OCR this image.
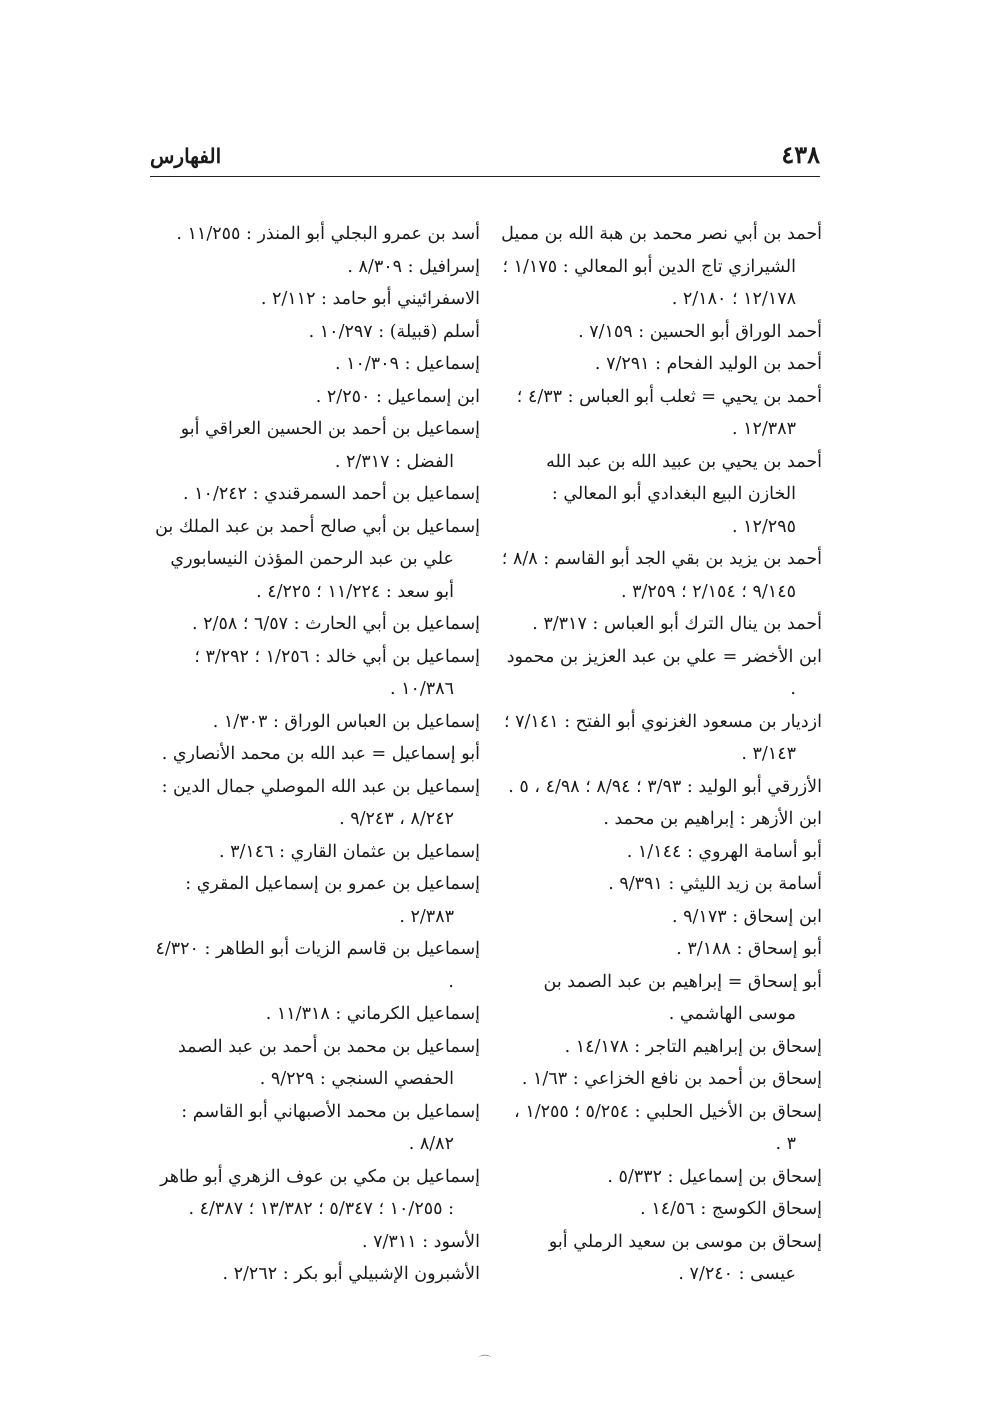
٤٣٨
الفهارس

أحمد بن أبي نصر محمد بن هبة الله بن مميل الشيرازي تاج الدين أبو المعالي : ١/١٧٥ ؛ ١٢/١٧٨ ؛ ٢/١٨٠ .

أحمد الوراق أبو الحسين : ٧/١٥٩ .

أحمد بن الوليد الفحام : ٧/٢٩١ .

أحمد بن يحيي = ثعلب أبو العباس : ٤/٣٣ ؛ ١٢/٣٨٣ .

أحمد بن يحيي بن عبيد الله بن عبد الله الخازن البيع البغدادي أبو المعالي : ١٢/٢٩٥ .

أحمد بن يزيد بن بقي الجد أبو القاسم : ٨/٨ ؛ ٩/١٤٥ ؛ ٢/١٥٤ ؛ ٣/٢٥٩ .

أحمد بن ينال الترك أبو العباس : ٣/٣١٧ .

ابن الأخضر = علي بن عبد العزيز بن محمود .

ازديار بن مسعود الغزنوي أبو الفتح : ٧/١٤١ ؛ ٣/١٤٣ .

الأزرقي أبو الوليد : ٣/٩٣ ؛ ٨/٩٤ ؛ ٤/٩٨ ، ٥ .

ابن الأزهر : إبراهيم بن محمد .

أبو أسامة الهروي : ١/١٤٤ .

أسامة بن زيد الليثي : ٩/٣٩١ .

ابن إسحاق : ٩/١٧٣ .

أبو إسحاق : ٣/١٨٨ .

أبو إسحاق = إبراهيم بن عبد الصمد بن موسى الهاشمي .

إسحاق بن إبراهيم التاجر : ١٤/١٧٨ .

إسحاق بن أحمد بن نافع الخزاعي : ١/٦٣ .

إسحاق بن الأخيل الحلبي : ٥/٢٥٤ ؛ ١/٢٥٥ ، ٣ .

إسحاق بن إسماعيل : ٥/٣٣٢ .

إسحاق الكوسج : ١٤/٥٦ .

إسحاق بن موسى بن سعيد الرملي أبو عيسى : ٧/٢٤٠ .

أسد بن عمرو البجلي أبو المنذر : ١١/٢٥٥ .

إسرافيل : ٨/٣٠٩ .

الاسفرائيني أبو حامد : ٢/١١٢ .

أسلم (قبيلة) : ١٠/٢٩٧ .

إسماعيل : ١٠/٣٠٩ .

ابن إسماعيل : ٢/٢٥٠ .

إسماعيل بن أحمد بن الحسين العراقي أبو الفضل : ٢/٣١٧ .

إسماعيل بن أحمد السمرقندي : ١٠/٢٤٢ .

إسماعيل بن أبي صالح أحمد بن عبد الملك بن علي بن عبد الرحمن المؤذن النيسابوري أبو سعد : ١١/٢٢٤ ؛ ٤/٢٢٥ .

إسماعيل بن أبي الحارث : ٦/٥٧ ؛ ٢/٥٨ .

إسماعيل بن أبي خالد : ١/٢٥٦ ؛ ٣/٢٩٢ ؛ ١٠/٣٨٦ .

إسماعيل بن العباس الوراق : ١/٣٠٣ .

أبو إسماعيل = عبد الله بن محمد الأنصاري .

إسماعيل بن عبد الله الموصلي جمال الدين : ٨/٢٤٢ ، ٩/٢٤٣ .

إسماعيل بن عثمان القاري : ٣/١٤٦ .

إسماعيل بن عمرو بن إسماعيل المقري : ٢/٣٨٣ .

إسماعيل بن قاسم الزيات أبو الطاهر : ٤/٣٢٠ .

إسماعيل الكرماني : ١١/٣١٨ .

إسماعيل بن محمد بن أحمد بن عبد الصمد الحفصي السنجي : ٩/٢٢٩ .

إسماعيل بن محمد الأصبهاني أبو القاسم : ٨/٨٢ .

إسماعيل بن مكي بن عوف الزهري أبو طاهر : ١٠/٢٥٥ ؛ ٥/٣٤٧ ؛ ١٣/٣٨٢ ؛ ٤/٣٨٧ .

الأسود : ٧/٣١١ .

الأشبرون الإشبيلي أبو بكر : ٢/٢٦٢ .

⌒
